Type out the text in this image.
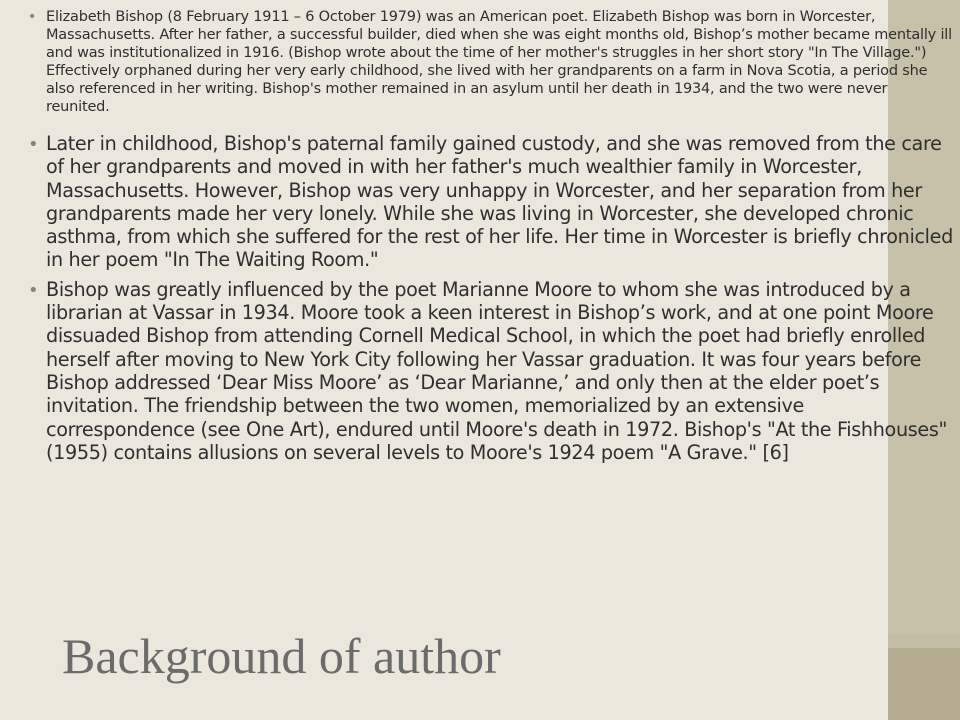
• Elizabeth Bishop (8 February 1911 – 6 October 1979) was an American poet. Elizabeth Bishop was born in Worcester, Massachusetts. After her father, a successful builder, died when she was eight months old, Bishop’s mother became mentally ill and was institutionalized in 1916. (Bishop wrote about the time of her mother's struggles in her short story "In The Village.") Effectively orphaned during her very early childhood, she lived with her grandparents on a farm in Nova Scotia, a period she also referenced in her writing. Bishop's mother remained in an asylum until her death in 1934, and the two were never reunited.
• Later in childhood, Bishop's paternal family gained custody, and she was removed from the care of her grandparents and moved in with her father's much wealthier family in Worcester, Massachusetts. However, Bishop was very unhappy in Worcester, and her separation from her grandparents made her very lonely. While she was living in Worcester, she developed chronic asthma, from which she suffered for the rest of her life. Her time in Worcester is briefly chronicled in her poem "In The Waiting Room."
• Bishop was greatly influenced by the poet Marianne Moore to whom she was introduced by a librarian at Vassar in 1934. Moore took a keen interest in Bishop’s work, and at one point Moore dissuaded Bishop from attending Cornell Medical School, in which the poet had briefly enrolled herself after moving to New York City following her Vassar graduation. It was four years before Bishop addressed ‘Dear Miss Moore’ as ‘Dear Marianne,’ and only then at the elder poet’s invitation. The friendship between the two women, memorialized by an extensive correspondence (see One Art), endured until Moore's death in 1972. Bishop's "At the Fishhouses" (1955) contains allusions on several levels to Moore's 1924 poem "A Grave." [6]
Background of author
